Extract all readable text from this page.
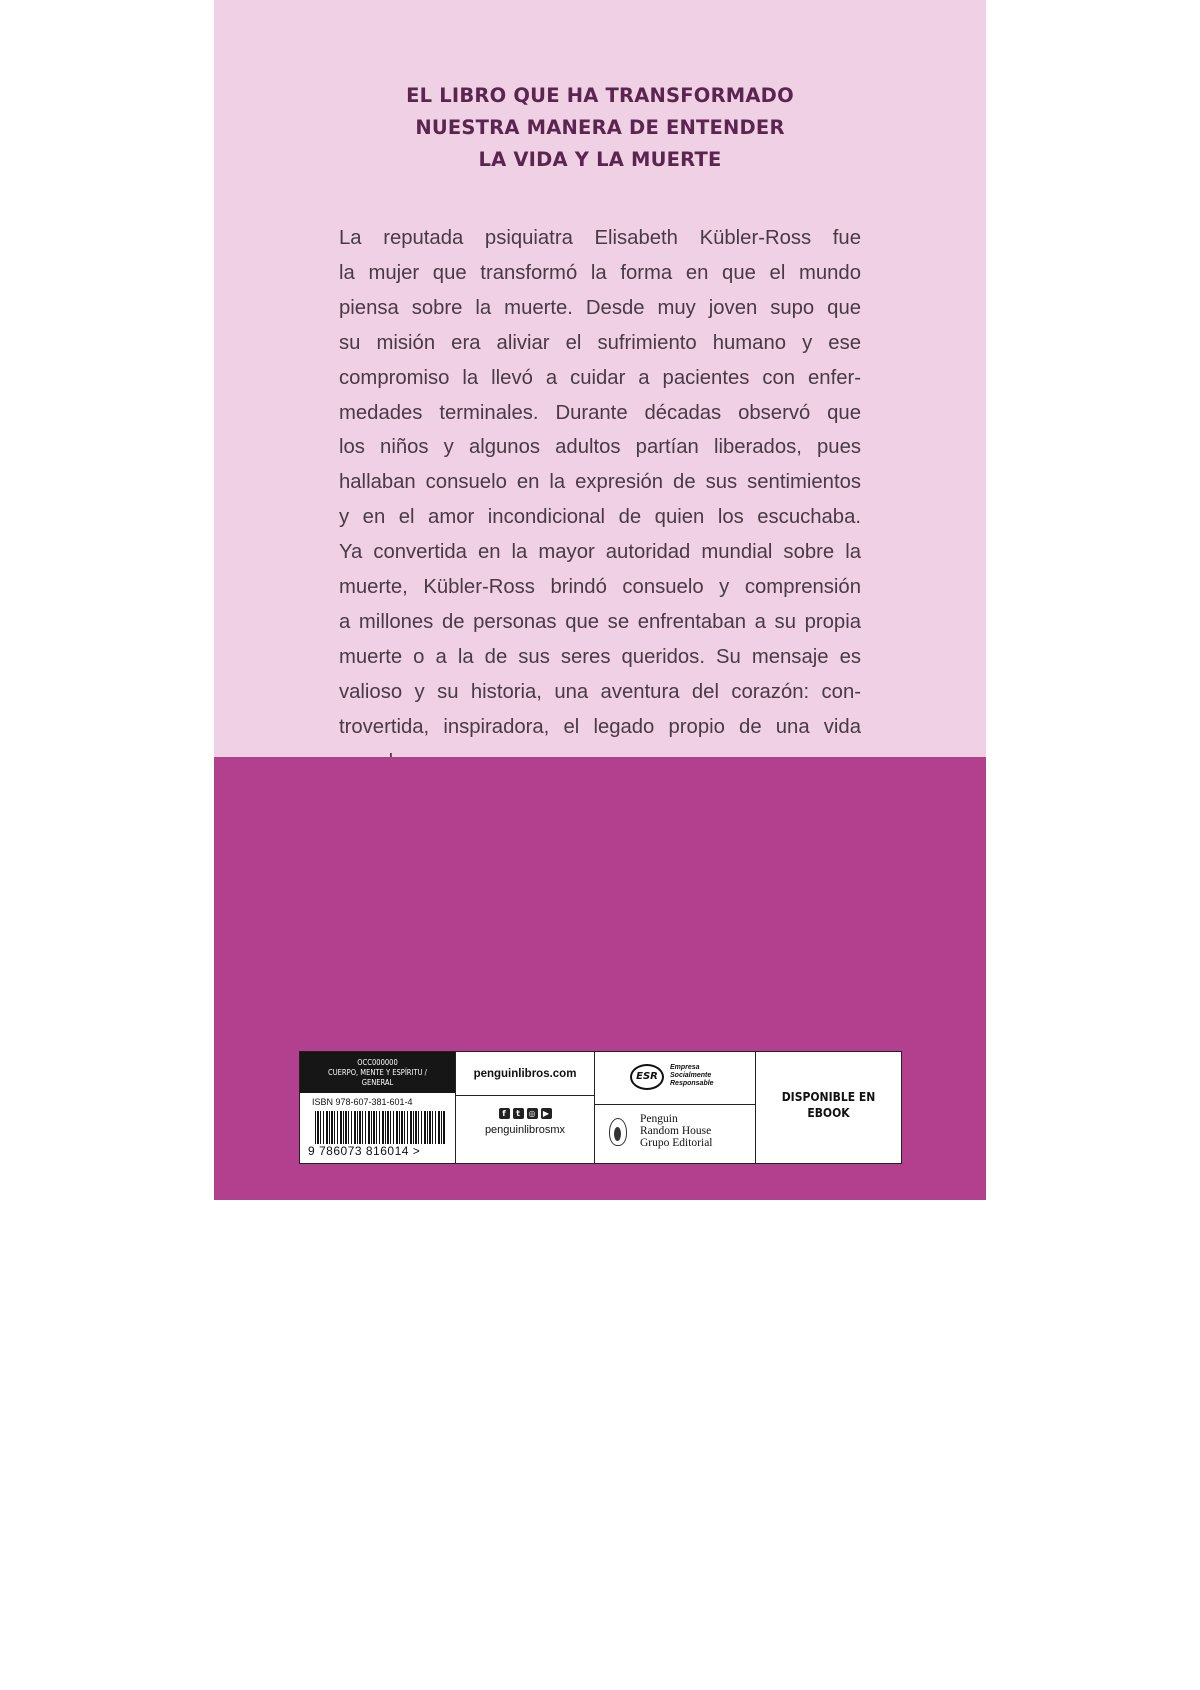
EL LIBRO QUE HA TRANSFORMADO
NUESTRA MANERA DE ENTENDER
LA VIDA Y LA MUERTE
La reputada psiquiatra Elisabeth Kübler-Ross fue
la mujer que transformó la forma en que el mundo
piensa sobre la muerte. Desde muy joven supo que
su misión era aliviar el sufrimiento humano y ese
compromiso la llevó a cuidar a pacientes con enfer-
medades terminales. Durante décadas observó que
los niños y algunos adultos partían liberados, pues
hallaban consuelo en la expresión de sus sentimientos
y en el amor incondicional de quien los escuchaba.
Ya convertida en la mayor autoridad mundial sobre la
muerte, Kübler-Ross brindó consuelo y comprensión
a millones de personas que se enfrentaban a su propia
muerte o a la de sus seres queridos. Su mensaje es
valioso y su historia, una aventura del corazón: con-
trovertida, inspiradora, el legado propio de una vida
Colección especial Un viaje interior
EDICIÓN LIMITADA
OCC000000
CUERPO, MENTE Y ESPÍRITU /
GENERAL
ISBN 978-607-381-601-4
9 786073 816014 >
penguinlibros.com
f	t	◎ ▶
penguinlibrosmx
ESR
Empresa
Socialmente
Responsable
Penguin
Random House
Grupo Editorial
DISPONIBLE EN
EBOOK
